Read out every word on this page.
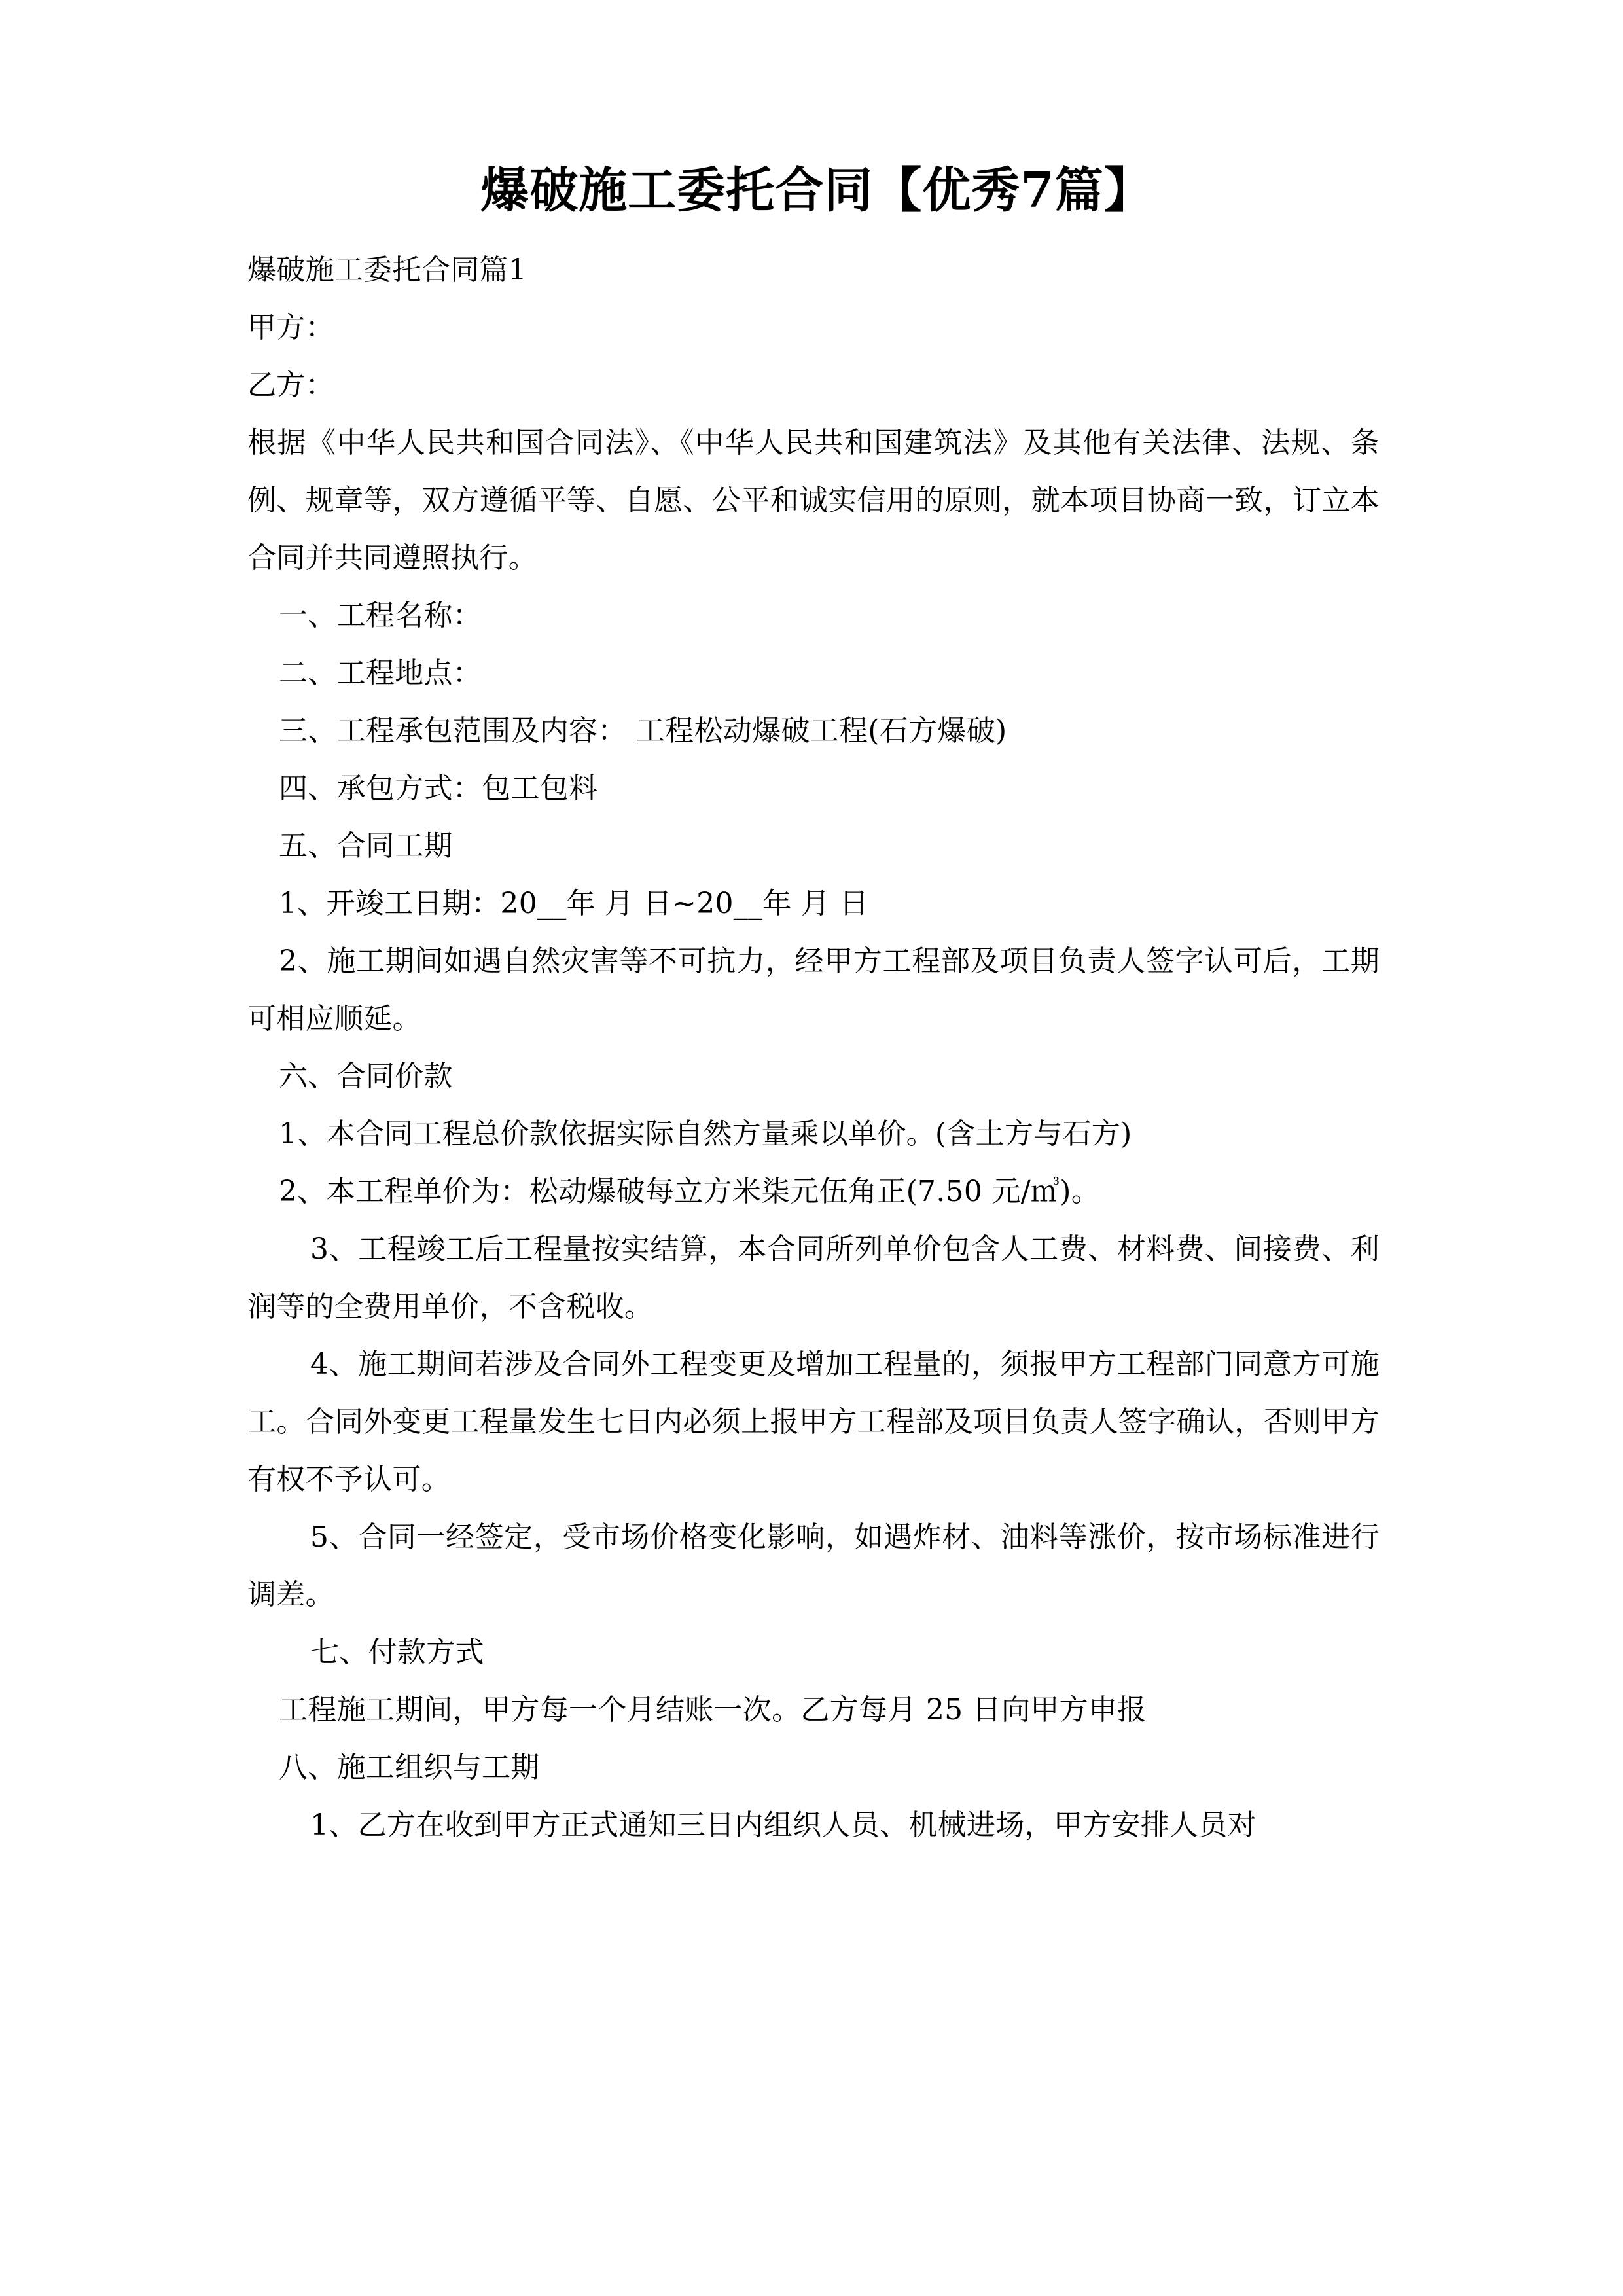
爆破施工委托合同【优秀7篇】

爆破施工委托合同篇1

甲方：

乙方：

根据《中华人民共和国合同法》、《中华人民共和国建筑法》及其他有关法律、法规、条例、规章等，双方遵循平等、自愿、公平和诚实信用的原则，就本项目协商一致，订立本合同并共同遵照执行。

一、工程名称：

二、工程地点：

三、工程承包范围及内容： 工程松动爆破工程(石方爆破)

四、承包方式：包工包料

五、合同工期

1、开竣工日期：20__年 月 日~20__年 月 日

2、施工期间如遇自然灾害等不可抗力，经甲方工程部及项目负责人签字认可后，工期可相应顺延。

六、合同价款

1、本合同工程总价款依据实际自然方量乘以单价。(含土方与石方)

2、本工程单价为：松动爆破每立方米柒元伍角正(7.50 元/㎥)。

3、工程竣工后工程量按实结算，本合同所列单价包含人工费、材料费、间接费、利润等的全费用单价，不含税收。

4、施工期间若涉及合同外工程变更及增加工程量的，须报甲方工程部门同意方可施工。合同外变更工程量发生七日内必须上报甲方工程部及项目负责人签字确认，否则甲方有权不予认可。

5、合同一经签定，受市场价格变化影响，如遇炸材、油料等涨价，按市场标准进行调差。

七、付款方式

工程施工期间，甲方每一个月结账一次。乙方每月 25 日向甲方申报

八、施工组织与工期

1、乙方在收到甲方正式通知三日内组织人员、机械进场，甲方安排人员对
